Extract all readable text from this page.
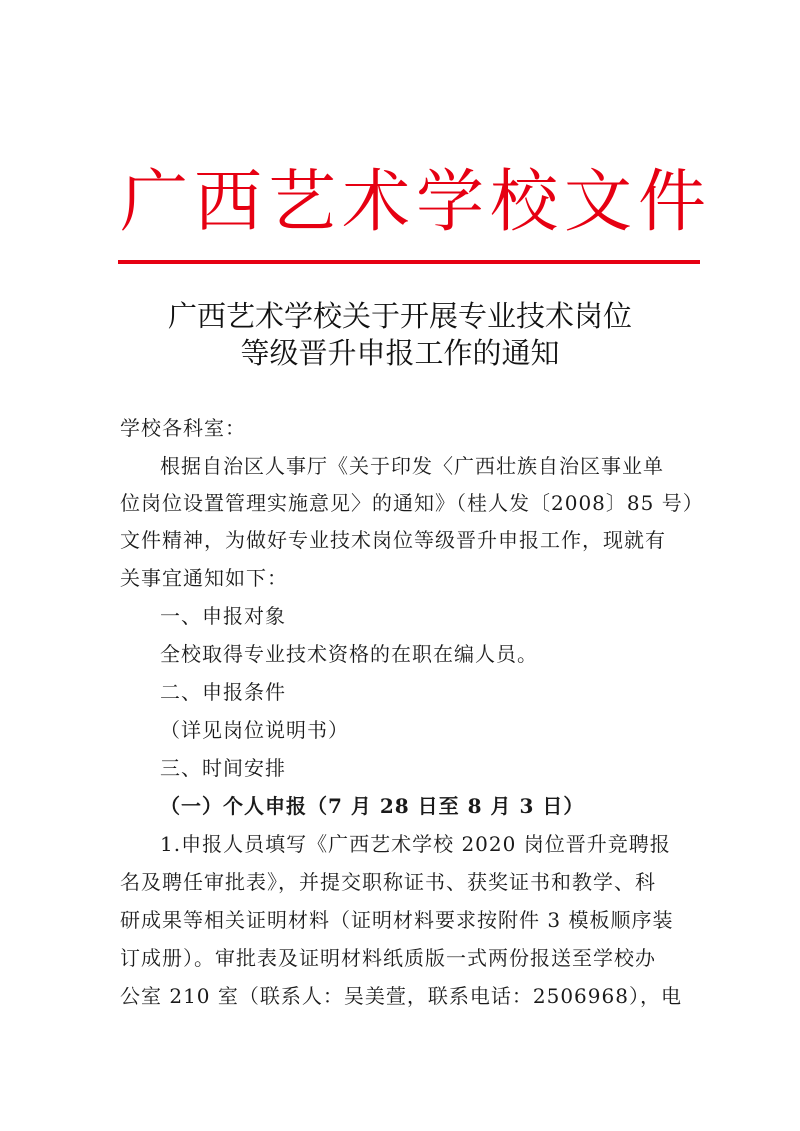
广西艺术学校文件
广西艺术学校关于开展专业技术岗位
等级晋升申报工作的通知
学校各科室：
根据自治区人事厅《关于印发〈广西壮族自治区事业单
位岗位设置管理实施意见〉的通知》（桂人发〔2008〕85 号）
文件精神，为做好专业技术岗位等级晋升申报工作，现就有
关事宜通知如下：
一、申报对象
全校取得专业技术资格的在职在编人员。
二、申报条件
（详见岗位说明书）
三、时间安排
（一）个人申报（7 月 28 日至 8 月 3 日）
1.申报人员填写《广西艺术学校 2020 岗位晋升竞聘报
名及聘任审批表》，并提交职称证书、获奖证书和教学、科
研成果等相关证明材料（证明材料要求按附件 3 模板顺序装
订成册）。审批表及证明材料纸质版一式两份报送至学校办
公室 210 室（联系人：吴美萱，联系电话：2506968），电
